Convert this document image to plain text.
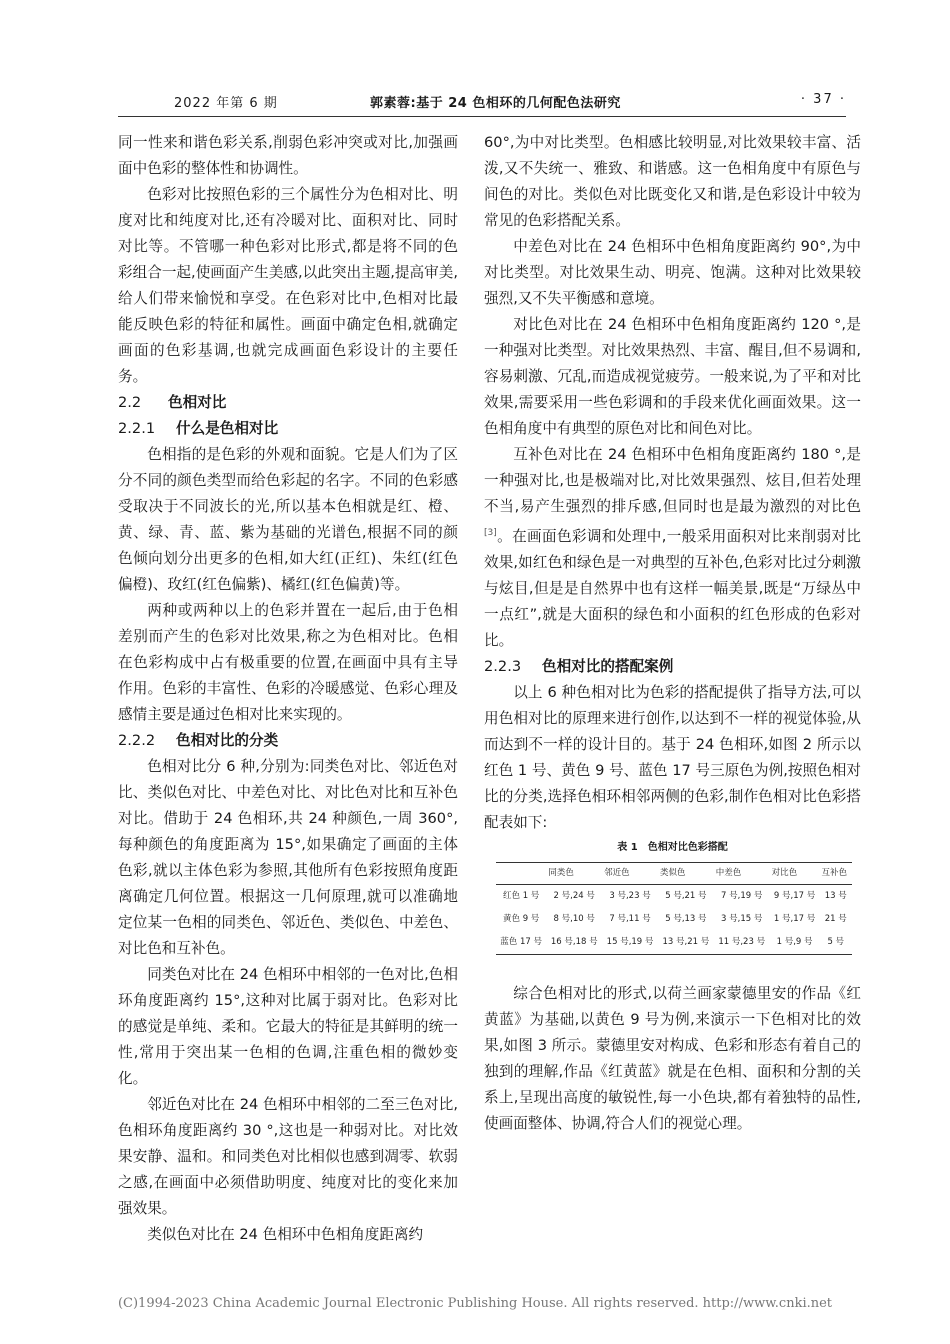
2022 年第 6 期	郭素蓉:基于 24 色相环的几何配色法研究	· 37 ·

同一性来和谐色彩关系,削弱色彩冲突或对比,加强画面中色彩的整体性和协调性。

色彩对比按照色彩的三个属性分为色相对比、明度对比和纯度对比,还有冷暖对比、面积对比、同时对比等。不管哪一种色彩对比形式,都是将不同的色彩组合一起,使画面产生美感,以此突出主题,提高审美,给人们带来愉悦和享受。在色彩对比中,色相对比最能反映色彩的特征和属性。画面中确定色相,就确定画面的色彩基调,也就完成画面色彩设计的主要任务。

2.2 色相对比
2.2.1 什么是色相对比

色相指的是色彩的外观和面貌。它是人们为了区分不同的颜色类型而给色彩起的名字。不同的色彩感受取决于不同波长的光,所以基本色相就是红、橙、黄、绿、青、蓝、紫为基础的光谱色,根据不同的颜色倾向划分出更多的色相,如大红(正红)、朱红(红色偏橙)、玫红(红色偏紫)、橘红(红色偏黄)等。

两种或两种以上的色彩并置在一起后,由于色相差别而产生的色彩对比效果,称之为色相对比。色相在色彩构成中占有极重要的位置,在画面中具有主导作用。色彩的丰富性、色彩的冷暖感觉、色彩心理及感情主要是通过色相对比来实现的。

2.2.2 色相对比的分类

色相对比分 6 种,分别为:同类色对比、邻近色对比、类似色对比、中差色对比、对比色对比和互补色对比。借助于 24 色相环,共 24 种颜色,一周 360°,每种颜色的角度距离为 15°,如果确定了画面的主体色彩,就以主体色彩为参照,其他所有色彩按照角度距离确定几何位置。根据这一几何原理,就可以准确地定位某一色相的同类色、邻近色、类似色、中差色、对比色和互补色。

同类色对比在 24 色相环中相邻的一色对比,色相环角度距离约 15°,这种对比属于弱对比。色彩对比的感觉是单纯、柔和。它最大的特征是其鲜明的统一性,常用于突出某一色相的色调,注重色相的微妙变化。

邻近色对比在 24 色相环中相邻的二至三色对比,色相环角度距离约 30 °,这也是一种弱对比。对比效果安静、温和。和同类色对比相似也感到凋零、软弱之感,在画面中必须借助明度、纯度对比的变化来加强效果。

类似色对比在 24 色相环中色相角度距离约

60°,为中对比类型。色相感比较明显,对比效果较丰富、活泼,又不失统一、雅致、和谐感。这一色相角度中有原色与间色的对比。类似色对比既变化又和谐,是色彩设计中较为常见的色彩搭配关系。

中差色对比在 24 色相环中色相角度距离约 90°,为中对比类型。对比效果生动、明亮、饱满。这种对比效果较强烈,又不失平衡感和意境。

对比色对比在 24 色相环中色相角度距离约 120 °,是一种强对比类型。对比效果热烈、丰富、醒目,但不易调和,容易刺激、冗乱,而造成视觉疲劳。一般来说,为了平和对比效果,需要采用一些色彩调和的手段来优化画面效果。这一色相角度中有典型的原色对比和间色对比。

互补色对比在 24 色相环中色相角度距离约 180 °,是一种强对比,也是极端对比,对比效果强烈、炫目,但若处理不当,易产生强烈的排斥感,但同时也是最为激烈的对比色[3]。在画面色彩调和处理中,一般采用面积对比来削弱对比效果,如红色和绿色是一对典型的互补色,色彩对比过分刺激与炫目,但是是自然界中也有这样一幅美景,既是“万绿丛中一点红”,就是大面积的绿色和小面积的红色形成的色彩对比。

2.2.3 色相对比的搭配案例

以上 6 种色相对比为色彩的搭配提供了指导方法,可以用色相对比的原理来进行创作,以达到不一样的视觉体验,从而达到不一样的设计目的。基于 24 色相环,如图 2 所示以红色 1 号、黄色 9 号、蓝色 17 号三原色为例,按照色相对比的分类,选择色相环相邻两侧的色彩,制作色相对比色彩搭配表如下:

表 1　色相对比色彩搭配
	同类色	邻近色	类似色	中差色	对比色	互补色
红色 1 号	2 号,24 号	3 号,23 号	5 号,21 号	7 号,19 号	9 号,17 号	13 号
黄色 9 号	8 号,10 号	7 号,11 号	5 号,13 号	3 号,15 号	1 号,17 号	21 号
蓝色 17 号	16 号,18 号	15 号,19 号	13 号,21 号	11 号,23 号	1 号,9 号	5 号

综合色相对比的形式,以荷兰画家蒙德里安的作品《红黄蓝》为基础,以黄色 9 号为例,来演示一下色相对比的效果,如图 3 所示。蒙德里安对构成、色彩和形态有着自己的独到的理解,作品《红黄蓝》就是在色相、面积和分割的关系上,呈现出高度的敏锐性,每一小色块,都有着独特的品性,使画面整体、协调,符合人们的视觉心理。

(C)1994-2023 China Academic Journal Electronic Publishing House. All rights reserved. http://www.cnki.net
